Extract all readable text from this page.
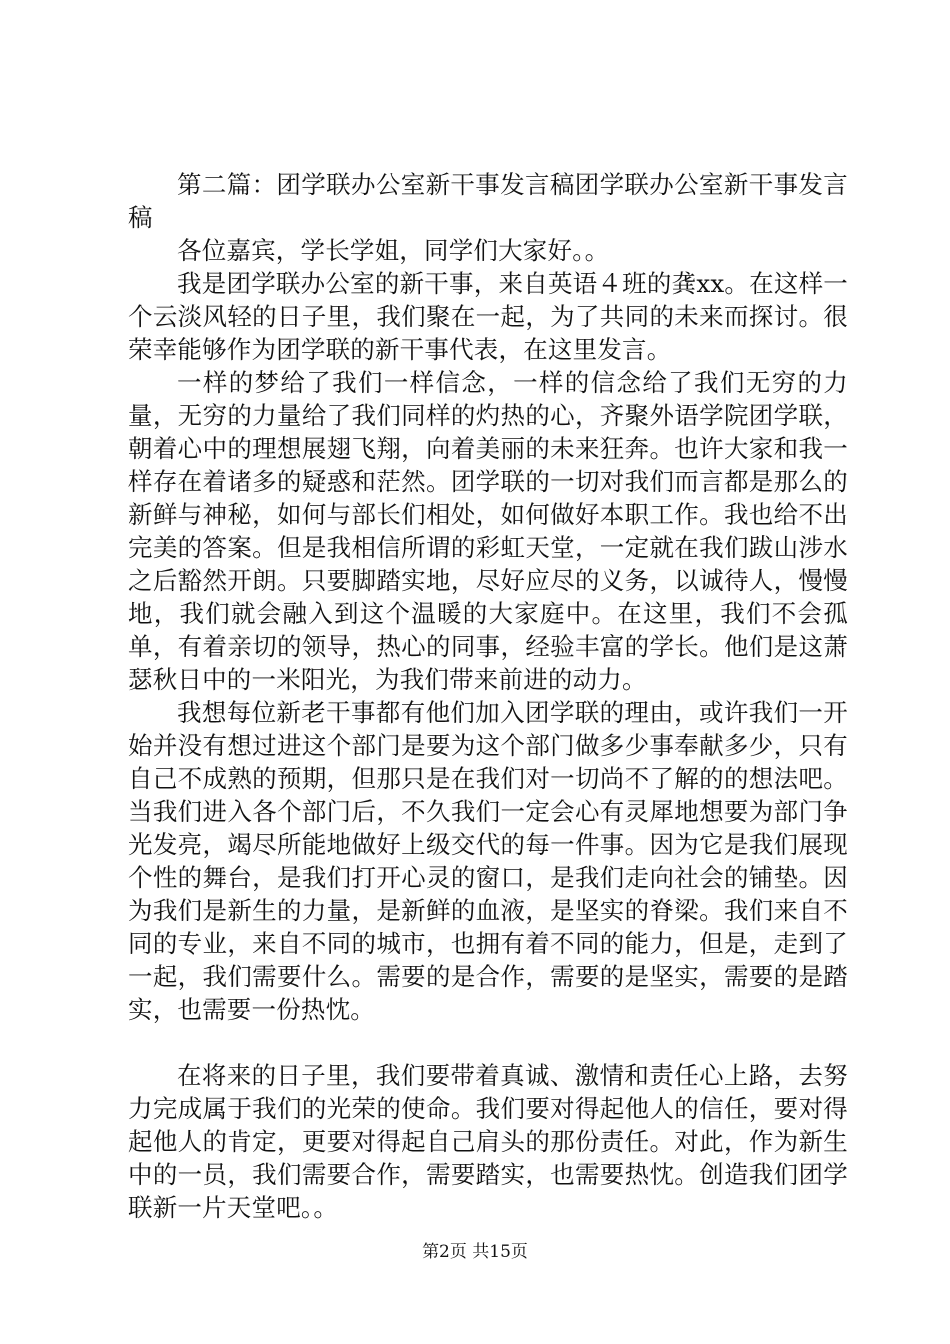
第二篇：团学联办公室新干事发言稿团学联办公室新干事发言稿

各位嘉宾，学长学姐，同学们大家好。。

我是团学联办公室的新干事，来自英语４班的龚xx。在这样一个云淡风轻的日子里，我们聚在一起，为了共同的未来而探讨。很荣幸能够作为团学联的新干事代表，在这里发言。

一样的梦给了我们一样信念，一样的信念给了我们无穷的力量，无穷的力量给了我们同样的灼热的心，齐聚外语学院团学联，朝着心中的理想展翅飞翔，向着美丽的未来狂奔。也许大家和我一样存在着诸多的疑惑和茫然。团学联的一切对我们而言都是那么的新鲜与神秘，如何与部长们相处，如何做好本职工作。我也给不出完美的答案。但是我相信所谓的彩虹天堂，一定就在我们跋山涉水之后豁然开朗。只要脚踏实地，尽好应尽的义务，以诚待人，慢慢地，我们就会融入到这个温暖的大家庭中。在这里，我们不会孤单，有着亲切的领导，热心的同事，经验丰富的学长。他们是这萧瑟秋日中的一米阳光，为我们带来前进的动力。

我想每位新老干事都有他们加入团学联的理由，或许我们一开始并没有想过进这个部门是要为这个部门做多少事奉献多少，只有自己不成熟的预期，但那只是在我们对一切尚不了解的的想法吧。当我们进入各个部门后，不久我们一定会心有灵犀地想要为部门争光发亮，竭尽所能地做好上级交代的每一件事。因为它是我们展现个性的舞台，是我们打开心灵的窗口，是我们走向社会的铺垫。因为我们是新生的力量，是新鲜的血液，是坚实的脊梁。我们来自不同的专业，来自不同的城市，也拥有着不同的能力，但是，走到了一起，我们需要什么。需要的是合作，需要的是坚实，需要的是踏实，也需要一份热忱。

在将来的日子里，我们要带着真诚、激情和责任心上路，去努力完成属于我们的光荣的使命。我们要对得起他人的信任，要对得起他人的肯定，更要对得起自己肩头的那份责任。对此，作为新生中的一员，我们需要合作，需要踏实，也需要热忱。创造我们团学联新一片天堂吧。。

第2页 共15页
